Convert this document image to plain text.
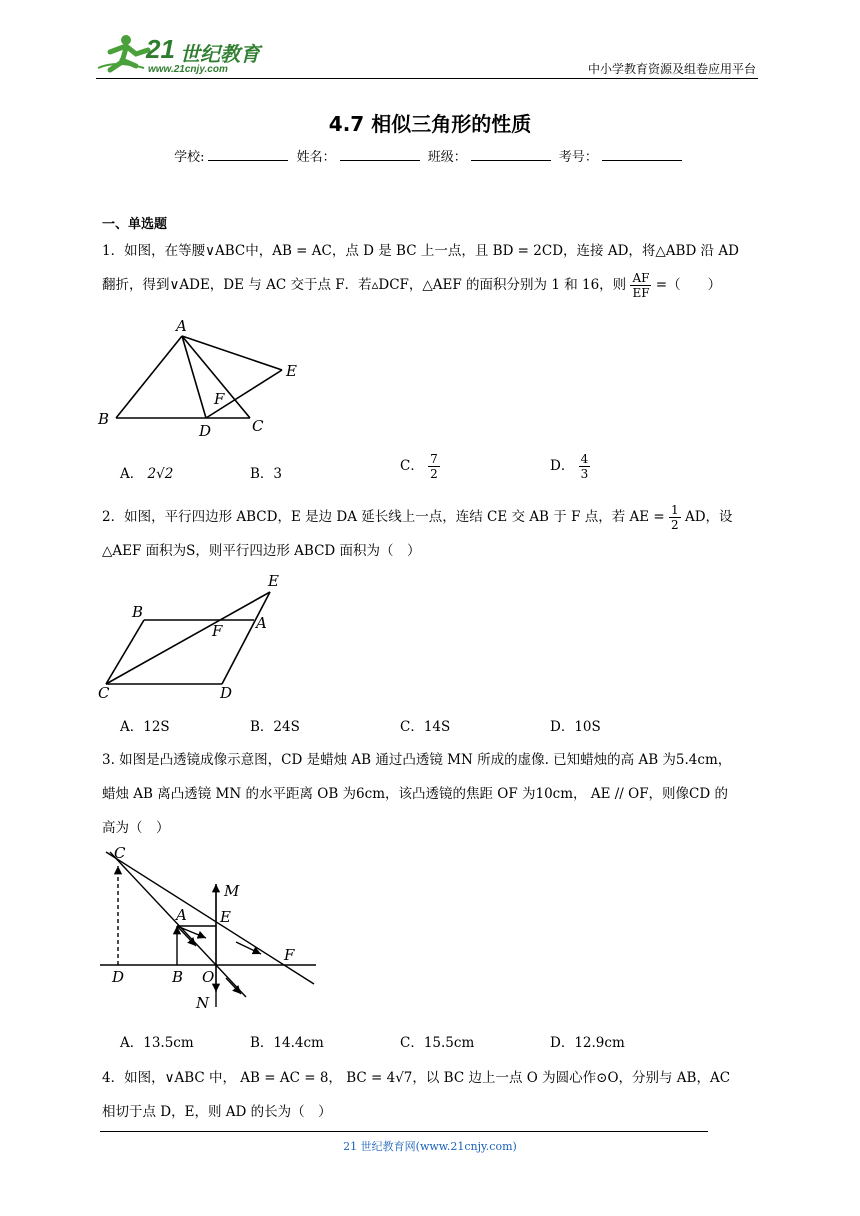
21 世纪教育
www.21cnjy.com	中小学教育资源及组卷应用平台
4.7 相似三角形的性质
学校:	姓名：	班级：	考号：
一、单选题
1．如图，在等腰∨ABC中，AB = AC，点 D 是 BC 上一点，且 BD = 2CD，连接 AD，将△ABD 沿 AD
翻折，得到∨ADE，DE 与 AC 交于点 F．若▵DCF，△AEF 的面积分别为 1 和 16，则 $\frac{AF}{EF}$ =（　　）
A
B	C
D
E
F
A． 2√2	B．3	C． $\frac{7}{2}$	D． $\frac{4}{3}$
2．如图，平行四边形 ABCD，E 是边 DA 延长线上一点，连结 CE 交 AB 于 F 点，若 AE = $\frac{1}{2}$ AD，设
△AEF 面积为S，则平行四边形 ABCD 面积为（　）
B
E
F A
C	D
A．12S	B．24S	C．14S	D．10S
3. 如图是凸透镜成像示意图，CD 是蜡烛 AB 通过凸透镜 MN 所成的虚像. 已知蜡烛的高 AB 为5.4cm，
蜡烛 AB 离凸透镜 MN 的水平距离 OB 为6cm，该凸透镜的焦距 OF 为10cm， AE // OF，则像CD 的
高为（　）
C
M
A E
F
D	B O
N
A．13.5cm	B．14.4cm	C．15.5cm	D．12.9cm
4．如图，∨ABC 中， AB = AC = 8， BC = 4√7，以 BC 边上一点 O 为圆心作⊙O，分别与 AB，AC
相切于点 D，E，则 AD 的长为（　）
21 世纪教育网(www.21cnjy.com)
